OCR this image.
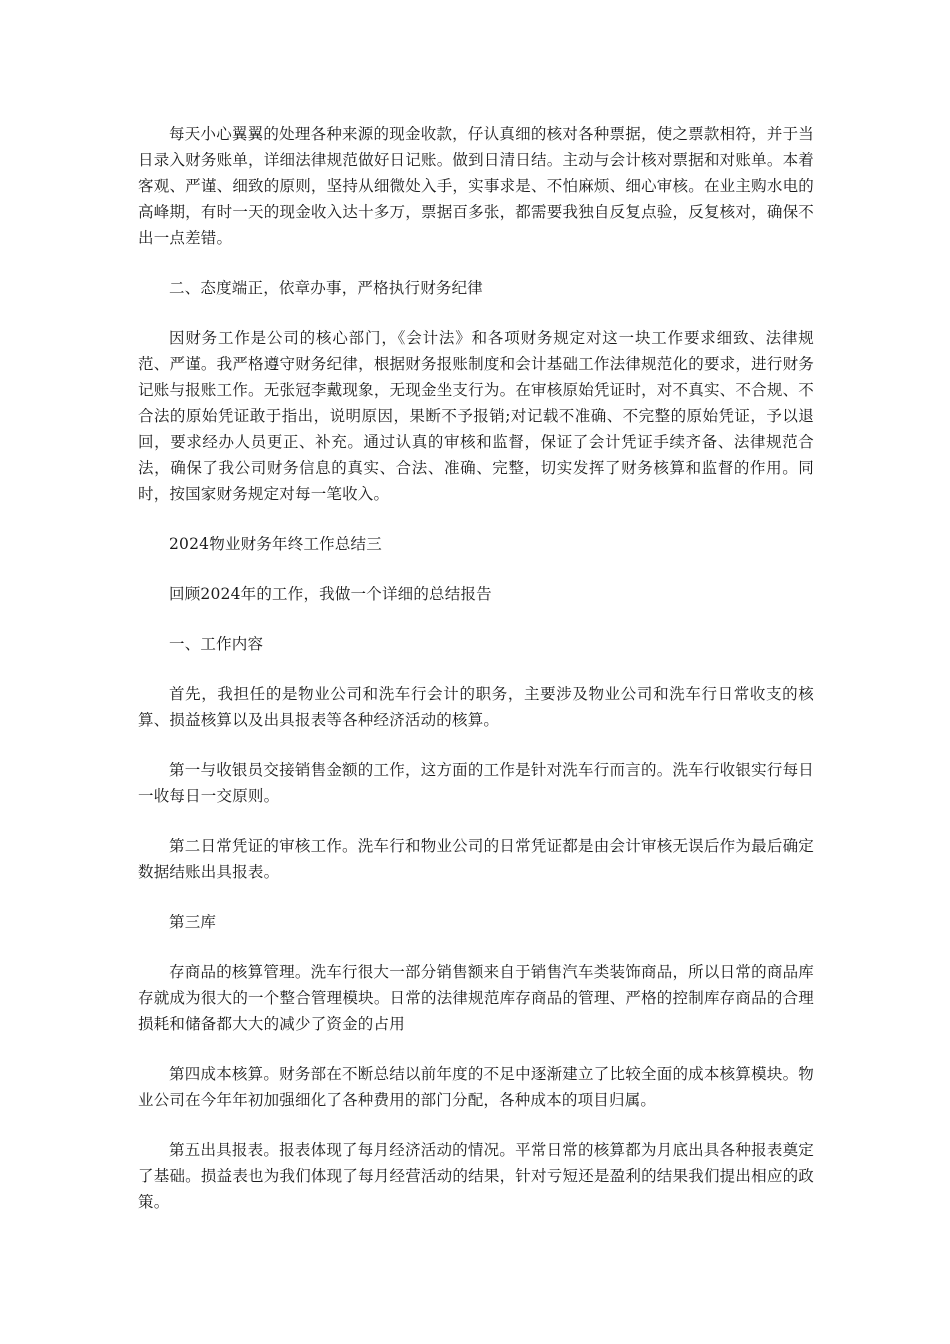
每天小心翼翼的处理各种来源的现金收款，仔认真细的核对各种票据，使之票款相符，并于当日录入财务账单，详细法律规范做好日记账。做到日清日结。主动与会计核对票据和对账单。本着客观、严谨、细致的原则，坚持从细微处入手，实事求是、不怕麻烦、细心审核。在业主购水电的高峰期，有时一天的现金收入达十多万，票据百多张，都需要我独自反复点验，反复核对，确保不出一点差错。

二、态度端正，依章办事，严格执行财务纪律

因财务工作是公司的核心部门，《会计法》和各项财务规定对这一块工作要求细致、法律规范、严谨。我严格遵守财务纪律，根据财务报账制度和会计基础工作法律规范化的要求，进行财务记账与报账工作。无张冠李戴现象，无现金坐支行为。在审核原始凭证时，对不真实、不合规、不合法的原始凭证敢于指出，说明原因，果断不予报销;对记载不准确、不完整的原始凭证，予以退回，要求经办人员更正、补充。通过认真的审核和监督，保证了会计凭证手续齐备、法律规范合法，确保了我公司财务信息的真实、合法、准确、完整，切实发挥了财务核算和监督的作用。同时，按国家财务规定对每一笔收入。

2024物业财务年终工作总结三

回顾2024年的工作，我做一个详细的总结报告

一、工作内容

首先，我担任的是物业公司和洗车行会计的职务，主要涉及物业公司和洗车行日常收支的核算、损益核算以及出具报表等各种经济活动的核算。

第一与收银员交接销售金额的工作，这方面的工作是针对洗车行而言的。洗车行收银实行每日一收每日一交原则。

第二日常凭证的审核工作。洗车行和物业公司的日常凭证都是由会计审核无误后作为最后确定数据结账出具报表。

第三库

存商品的核算管理。洗车行很大一部分销售额来自于销售汽车类装饰商品，所以日常的商品库存就成为很大的一个整合管理模块。日常的法律规范库存商品的管理、严格的控制库存商品的合理损耗和储备都大大的减少了资金的占用

第四成本核算。财务部在不断总结以前年度的不足中逐渐建立了比较全面的成本核算模块。物业公司在今年年初加强细化了各种费用的部门分配，各种成本的项目归属。

第五出具报表。报表体现了每月经济活动的情况。平常日常的核算都为月底出具各种报表奠定了基础。损益表也为我们体现了每月经营活动的结果，针对亏短还是盈利的结果我们提出相应的政策。
